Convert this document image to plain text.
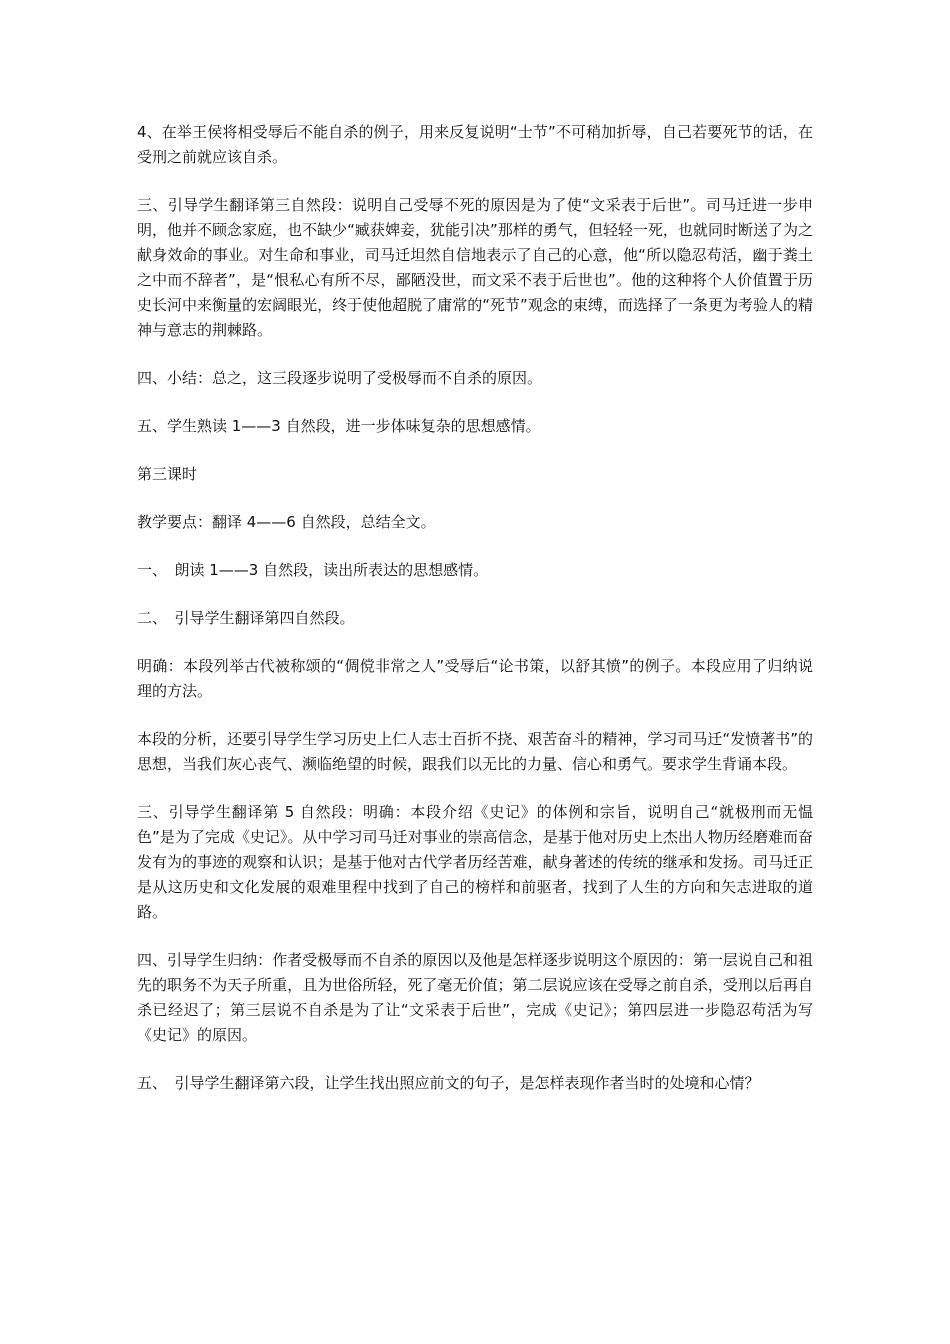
4、在举王侯将相受辱后不能自杀的例子，用来反复说明“士节”不可稍加折辱，自己若要死节的话，在受刑之前就应该自杀。

三、引导学生翻译第三自然段：说明自己受辱不死的原因是为了使“文采表于后世”。司马迁进一步申明，他并不顾念家庭，也不缺少“臧获婢妾，犹能引决”那样的勇气，但轻轻一死，也就同时断送了为之献身效命的事业。对生命和事业，司马迁坦然自信地表示了自己的心意，他“所以隐忍苟活，幽于粪土之中而不辞者”，是“恨私心有所不尽，鄙陋没世，而文采不表于后世也”。他的这种将个人价值置于历史长河中来衡量的宏阔眼光，终于使他超脱了庸常的“死节”观念的束缚，而选择了一条更为考验人的精神与意志的荆棘路。

四、小结：总之，这三段逐步说明了受极辱而不自杀的原因。

五、学生熟读 1——3 自然段，进一步体味复杂的思想感情。

第三课时

教学要点：翻译 4——6 自然段，总结全文。

一、　朗读 1——3 自然段，读出所表达的思想感情。

二、　引导学生翻译第四自然段。

明确：本段列举古代被称颂的“倜傥非常之人”受辱后“论书策，以舒其愤”的例子。本段应用了归纳说理的方法。

本段的分析，还要引导学生学习历史上仁人志士百折不挠、艰苦奋斗的精神，学习司马迁“发愤著书”的思想，当我们灰心丧气、濒临绝望的时候，跟我们以无比的力量、信心和勇气。要求学生背诵本段。

三、引导学生翻译第 5 自然段：明确：本段介绍《史记》的体例和宗旨，说明自己“就极刑而无愠色”是为了完成《史记》。从中学习司马迁对事业的崇高信念，是基于他对历史上杰出人物历经磨难而奋发有为的事迹的观察和认识；是基于他对古代学者历经苦难，献身著述的传统的继承和发扬。司马迁正是从这历史和文化发展的艰难里程中找到了自己的榜样和前驱者，找到了人生的方向和矢志进取的道路。

四、引导学生归纳：作者受极辱而不自杀的原因以及他是怎样逐步说明这个原因的：第一层说自己和祖先的职务不为天子所重，且为世俗所轻，死了毫无价值；第二层说应该在受辱之前自杀，受刑以后再自杀已经迟了；第三层说不自杀是为了让“文采表于后世”，完成《史记》；第四层进一步隐忍苟活为写《史记》的原因。

五、　引导学生翻译第六段，让学生找出照应前文的句子，是怎样表现作者当时的处境和心情？
